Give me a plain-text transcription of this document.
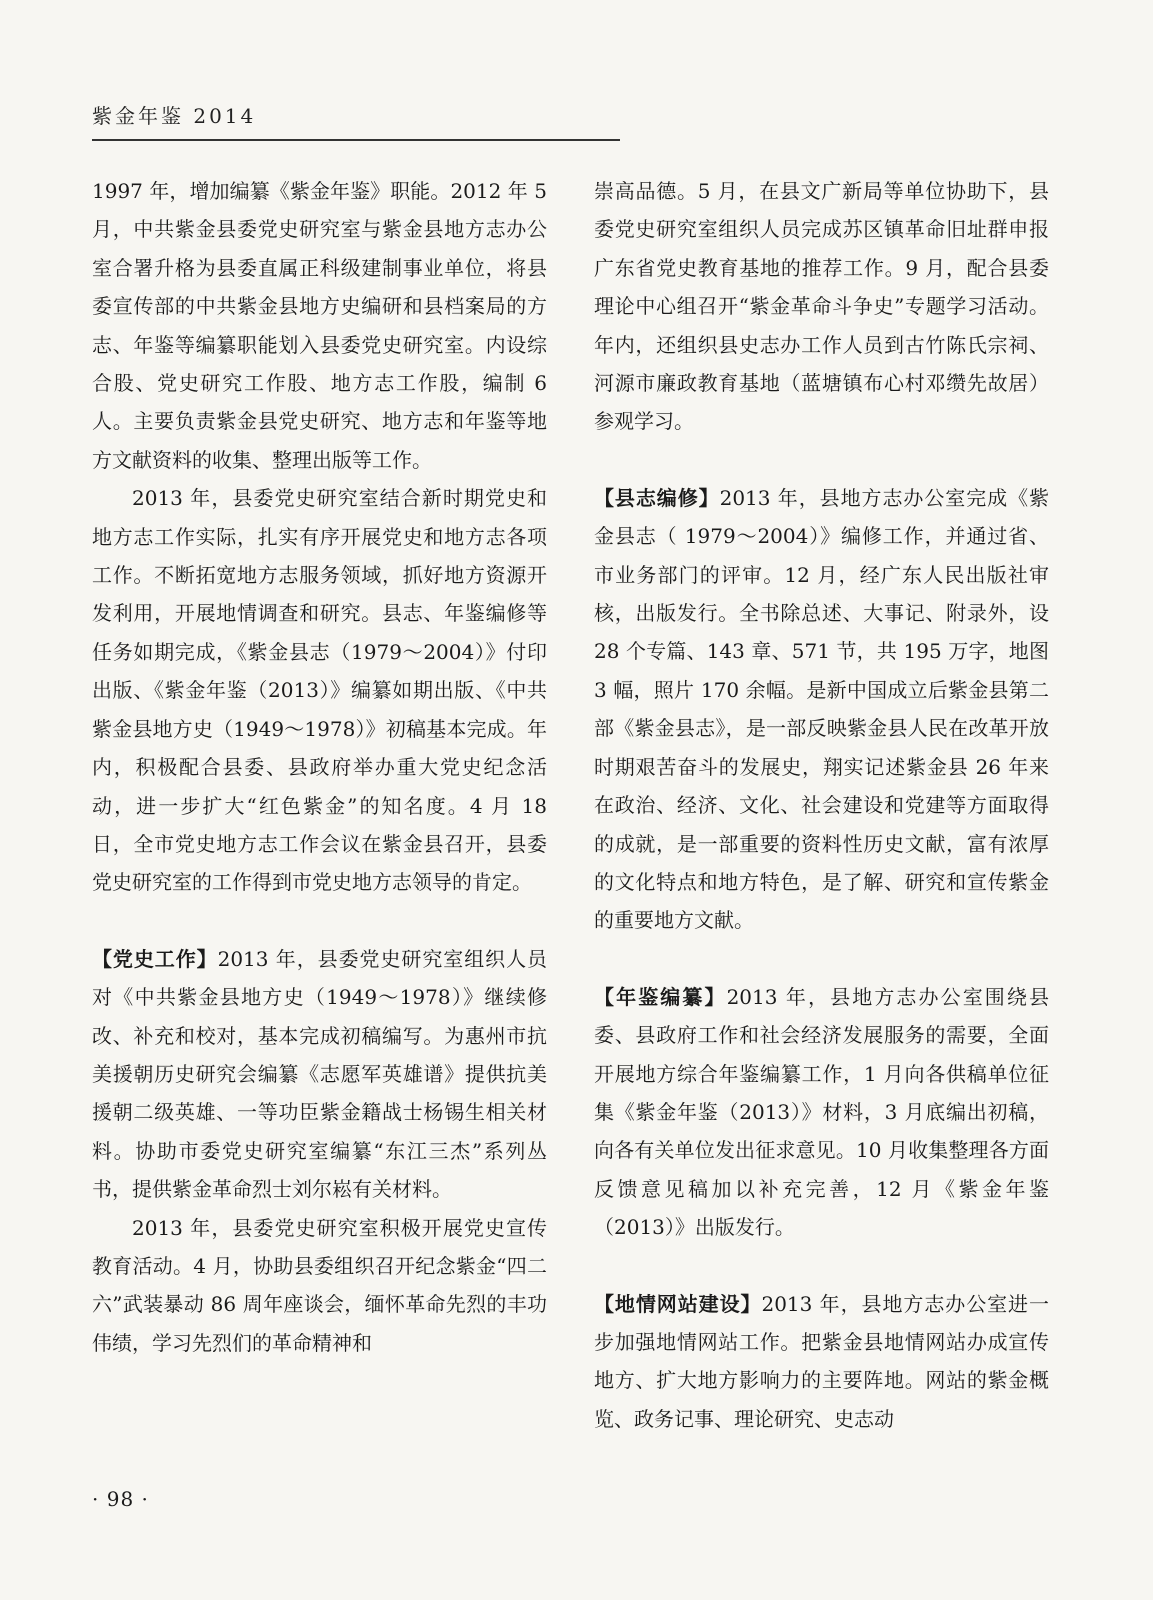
紫金年鉴 2014

1997 年，增加编纂《紫金年鉴》职能。2012 年 5 月，中共紫金县委党史研究室与紫金县地方志办公室合署升格为县委直属正科级建制事业单位，将县委宣传部的中共紫金县地方史编研和县档案局的方志、年鉴等编纂职能划入县委党史研究室。内设综合股、党史研究工作股、地方志工作股，编制 6 人。主要负责紫金县党史研究、地方志和年鉴等地方文献资料的收集、整理出版等工作。

2013 年，县委党史研究室结合新时期党史和地方志工作实际，扎实有序开展党史和地方志各项工作。不断拓宽地方志服务领域，抓好地方资源开发利用，开展地情调查和研究。县志、年鉴编修等任务如期完成，《紫金县志（1979～2004）》付印出版、《紫金年鉴（2013）》编纂如期出版、《中共紫金县地方史（1949～1978）》初稿基本完成。年内，积极配合县委、县政府举办重大党史纪念活动，进一步扩大“红色紫金”的知名度。4 月 18 日，全市党史地方志工作会议在紫金县召开，县委党史研究室的工作得到市党史地方志领导的肯定。

【党史工作】2013 年，县委党史研究室组织人员对《中共紫金县地方史（1949～1978）》继续修改、补充和校对，基本完成初稿编写。为惠州市抗美援朝历史研究会编纂《志愿军英雄谱》提供抗美援朝二级英雄、一等功臣紫金籍战士杨锡生相关材料。协助市委党史研究室编纂“东江三杰”系列丛书，提供紫金革命烈士刘尔崧有关材料。

2013 年，县委党史研究室积极开展党史宣传教育活动。4 月，协助县委组织召开纪念紫金“四二六”武装暴动 86 周年座谈会，缅怀革命先烈的丰功伟绩，学习先烈们的革命精神和

崇高品德。5 月，在县文广新局等单位协助下，县委党史研究室组织人员完成苏区镇革命旧址群申报广东省党史教育基地的推荐工作。9 月，配合县委理论中心组召开“紫金革命斗争史”专题学习活动。年内，还组织县史志办工作人员到古竹陈氏宗祠、河源市廉政教育基地（蓝塘镇布心村邓缵先故居）参观学习。

【县志编修】2013 年，县地方志办公室完成《紫金县志（ 1979～2004）》编修工作，并通过省、市业务部门的评审。12 月，经广东人民出版社审核，出版发行。全书除总述、大事记、附录外，设 28 个专篇、143 章、571 节，共 195 万字，地图 3 幅，照片 170 余幅。是新中国成立后紫金县第二部《紫金县志》，是一部反映紫金县人民在改革开放时期艰苦奋斗的发展史，翔实记述紫金县 26 年来在政治、经济、文化、社会建设和党建等方面取得的成就，是一部重要的资料性历史文献，富有浓厚的文化特点和地方特色，是了解、研究和宣传紫金的重要地方文献。

【年鉴编纂】2013 年，县地方志办公室围绕县委、县政府工作和社会经济发展服务的需要，全面开展地方综合年鉴编纂工作，1 月向各供稿单位征集《紫金年鉴（2013）》材料，3 月底编出初稿，向各有关单位发出征求意见。10 月收集整理各方面反馈意见稿加以补充完善，12 月《紫金年鉴（2013）》出版发行。

【地情网站建设】2013 年，县地方志办公室进一步加强地情网站工作。把紫金县地情网站办成宣传地方、扩大地方影响力的主要阵地。网站的紫金概览、政务记事、理论研究、史志动

· 98 ·
